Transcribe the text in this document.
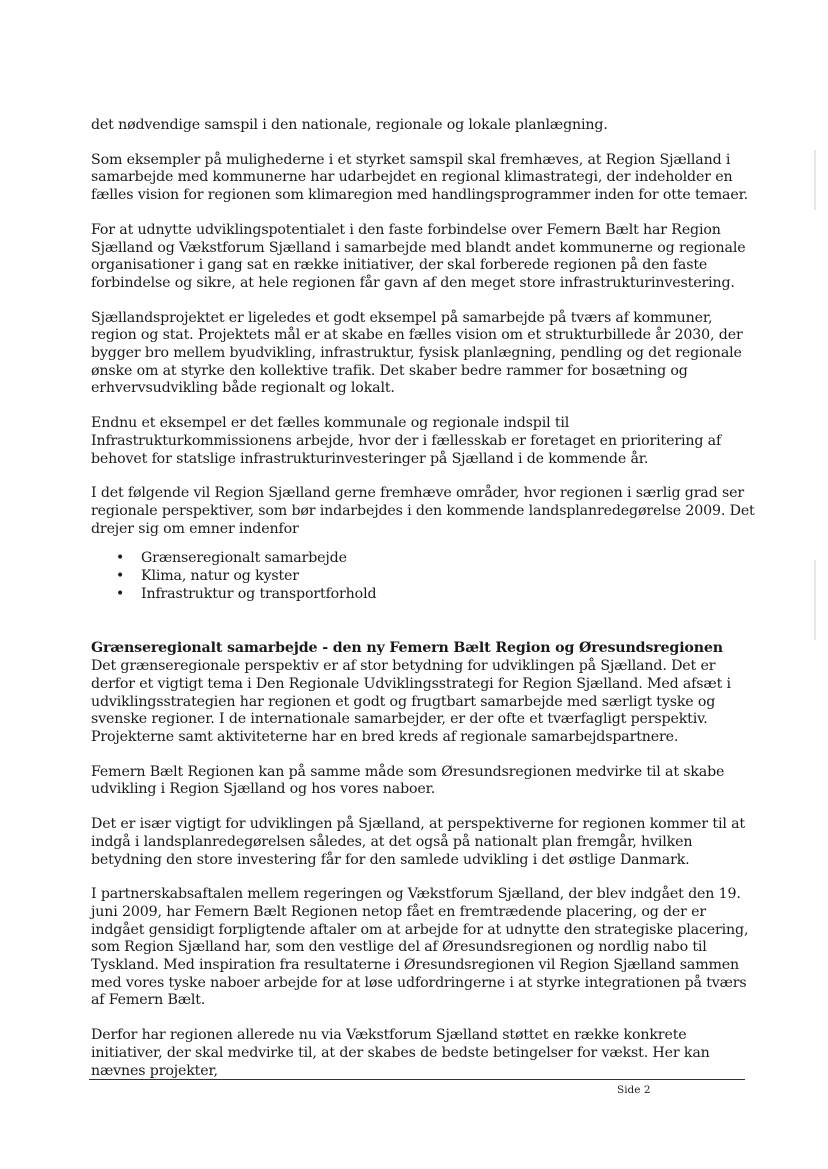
det nødvendige samspil i den nationale, regionale og lokale planlægning.

Som eksempler på mulighederne i et styrket samspil skal fremhæves, at Region Sjælland i samarbejde med kommunerne har udarbejdet en regional klimastrategi, der indeholder en fælles vision for regionen som klimaregion med handlingsprogrammer inden for otte temaer.

For at udnytte udviklingspotentialet i den faste forbindelse over Femern Bælt har Region Sjælland og Vækstforum Sjælland i samarbejde med blandt andet kommunerne og regionale organisationer i gang sat en række initiativer, der skal forberede regionen på den faste forbindelse og sikre, at hele regionen får gavn af den meget store infrastrukturinvestering.

Sjællandsprojektet er ligeledes et godt eksempel på samarbejde på tværs af kommuner, region og stat. Projektets mål er at skabe en fælles vision om et strukturbillede år 2030, der bygger bro mellem byudvikling, infrastruktur, fysisk planlægning, pendling og det regionale ønske om at styrke den kollektive trafik. Det skaber bedre rammer for bosætning og erhvervsudvikling både regionalt og lokalt.

Endnu et eksempel er det fælles kommunale og regionale indspil til Infrastrukturkommissionens arbejde, hvor der i fællesskab er foretaget en prioritering af behovet for statslige infrastrukturinvesteringer på Sjælland i de kommende år.

I det følgende vil Region Sjælland gerne fremhæve områder, hvor regionen i særlig grad ser regionale perspektiver, som bør indarbejdes i den kommende landsplanredegørelse 2009. Det drejer sig om emner indenfor

• Grænseregionalt samarbejde
• Klima, natur og kyster
• Infrastruktur og transportforhold

Grænseregionalt samarbejde - den ny Femern Bælt Region og Øresundsregionen

Det grænseregionale perspektiv er af stor betydning for udviklingen på Sjælland. Det er derfor et vigtigt tema i Den Regionale Udviklingsstrategi for Region Sjælland. Med afsæt i udviklingsstrategien har regionen et godt og frugtbart samarbejde med særligt tyske og svenske regioner. I de internationale samarbejder, er der ofte et tværfagligt perspektiv. Projekterne samt aktiviteterne har en bred kreds af regionale samarbejdspartnere.

Femern Bælt Regionen kan på samme måde som Øresundsregionen medvirke til at skabe udvikling i Region Sjælland og hos vores naboer.

Det er især vigtigt for udviklingen på Sjælland, at perspektiverne for regionen kommer til at indgå i landsplanredegørelsen således, at det også på nationalt plan fremgår, hvilken betydning den store investering får for den samlede udvikling i det østlige Danmark.

I partnerskabsaftalen mellem regeringen og Vækstforum Sjælland, der blev indgået den 19. juni 2009, har Femern Bælt Regionen netop fået en fremtrædende placering, og der er indgået gensidigt forpligtende aftaler om at arbejde for at udnytte den strategiske placering, som Region Sjælland har, som den vestlige del af Øresundsregionen og nordlig nabo til Tyskland. Med inspiration fra resultaterne i Øresundsregionen vil Region Sjælland sammen med vores tyske naboer arbejde for at løse udfordringerne i at styrke integrationen på tværs af Femern Bælt.

Derfor har regionen allerede nu via Vækstforum Sjælland støttet en række konkrete initiativer, der skal medvirke til, at der skabes de bedste betingelser for vækst. Her kan nævnes projekter,

Side 2
